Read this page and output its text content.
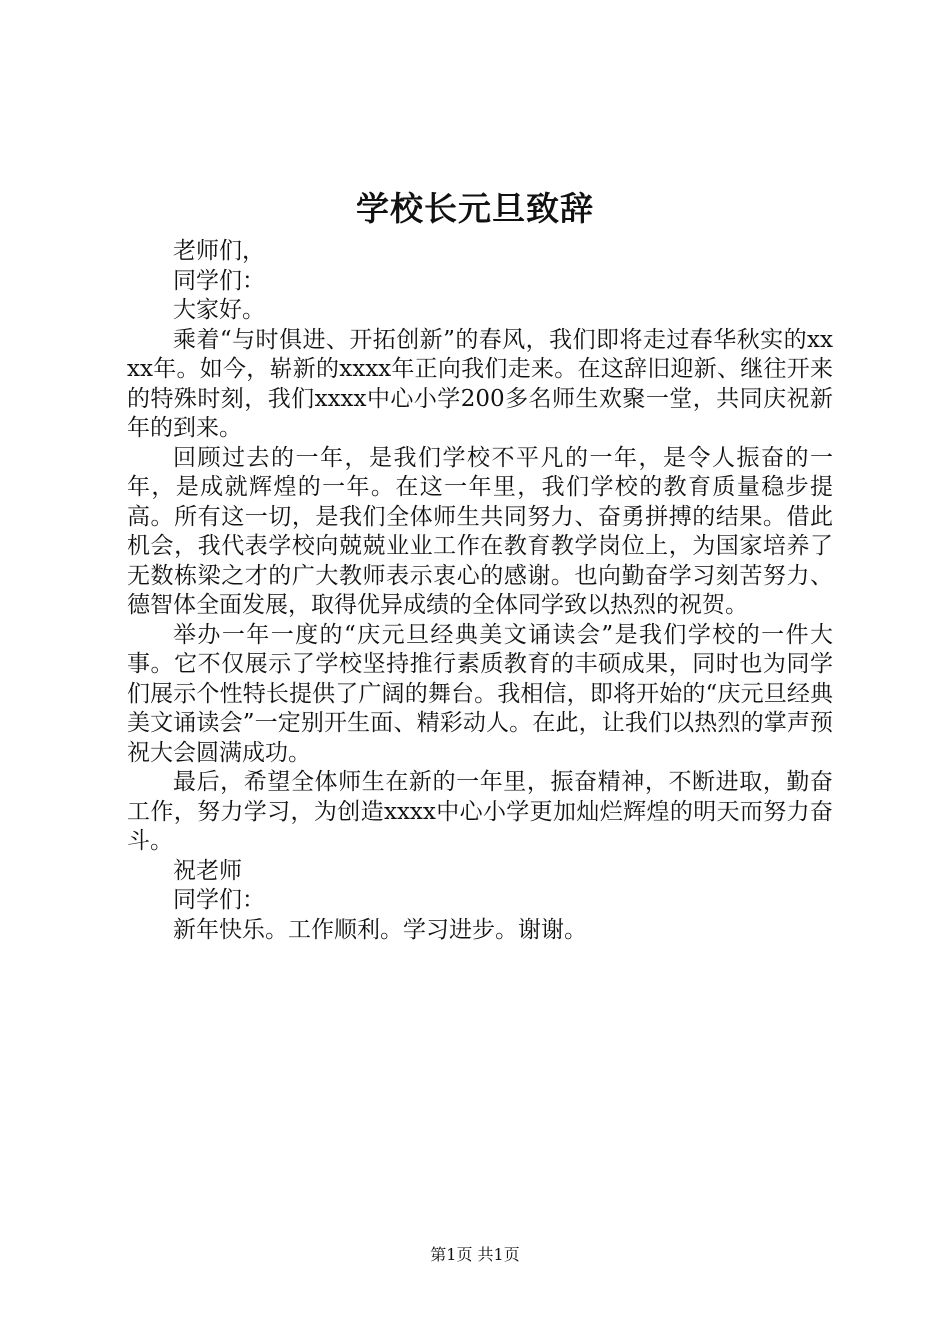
学校长元旦致辞

老师们，

同学们：

大家好。

乘着“与时俱进、开拓创新”的春风，我们即将走过春华秋实的xxxx年。如今，崭新的xxxx年正向我们走来。在这辞旧迎新、继往开来的特殊时刻，我们xxxx中心小学200多名师生欢聚一堂，共同庆祝新年的到来。

回顾过去的一年，是我们学校不平凡的一年，是令人振奋的一年，是成就辉煌的一年。在这一年里，我们学校的教育质量稳步提高。所有这一切，是我们全体师生共同努力、奋勇拼搏的结果。借此机会，我代表学校向兢兢业业工作在教育教学岗位上，为国家培养了无数栋梁之才的广大教师表示衷心的感谢。也向勤奋学习刻苦努力、德智体全面发展，取得优异成绩的全体同学致以热烈的祝贺。

举办一年一度的“庆元旦经典美文诵读会”是我们学校的一件大事。它不仅展示了学校坚持推行素质教育的丰硕成果，同时也为同学们展示个性特长提供了广阔的舞台。我相信，即将开始的“庆元旦经典美文诵读会”一定别开生面、精彩动人。在此，让我们以热烈的掌声预祝大会圆满成功。

最后，希望全体师生在新的一年里，振奋精神，不断进取，勤奋工作，努力学习，为创造xxxx中心小学更加灿烂辉煌的明天而努力奋斗。

祝老师

同学们：

新年快乐。工作顺利。学习进步。谢谢。

第1页 共1页
